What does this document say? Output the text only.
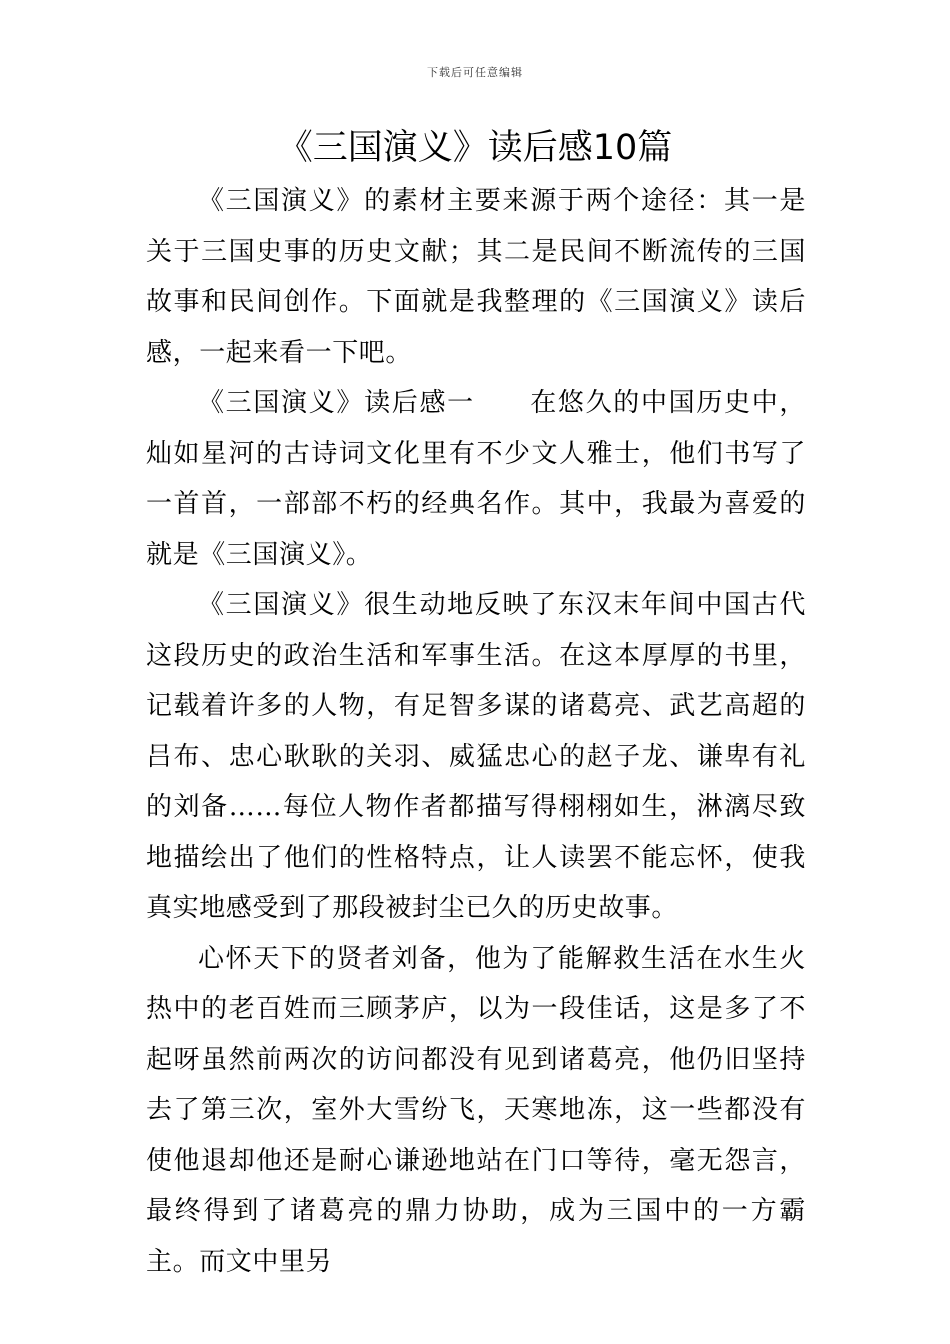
下载后可任意编辑
《三国演义》读后感10篇

《三国演义》的素材主要来源于两个途径：其一是关于三国史事的历史文献；其二是民间不断流传的三国故事和民间创作。下面就是我整理的《三国演义》读后感，一起来看一下吧。

《三国演义》读后感一　　在悠久的中国历史中，灿如星河的古诗词文化里有不少文人雅士，他们书写了一首首，一部部不朽的经典名作。其中，我最为喜爱的就是《三国演义》。

《三国演义》很生动地反映了东汉末年间中国古代这段历史的政治生活和军事生活。在这本厚厚的书里，记载着许多的人物，有足智多谋的诸葛亮、武艺高超的吕布、忠心耿耿的关羽、威猛忠心的赵子龙、谦卑有礼的刘备……每位人物作者都描写得栩栩如生，淋漓尽致地描绘出了他们的性格特点，让人读罢不能忘怀，使我真实地感受到了那段被封尘已久的历史故事。

心怀天下的贤者刘备，他为了能解救生活在水生火热中的老百姓而三顾茅庐，以为一段佳话，这是多了不起呀虽然前两次的访问都没有见到诸葛亮，他仍旧坚持去了第三次，室外大雪纷飞，天寒地冻，这一些都没有使他退却他还是耐心谦逊地站在门口等待，毫无怨言，最终得到了诸葛亮的鼎力协助，成为三国中的一方霸主。而文中里另
